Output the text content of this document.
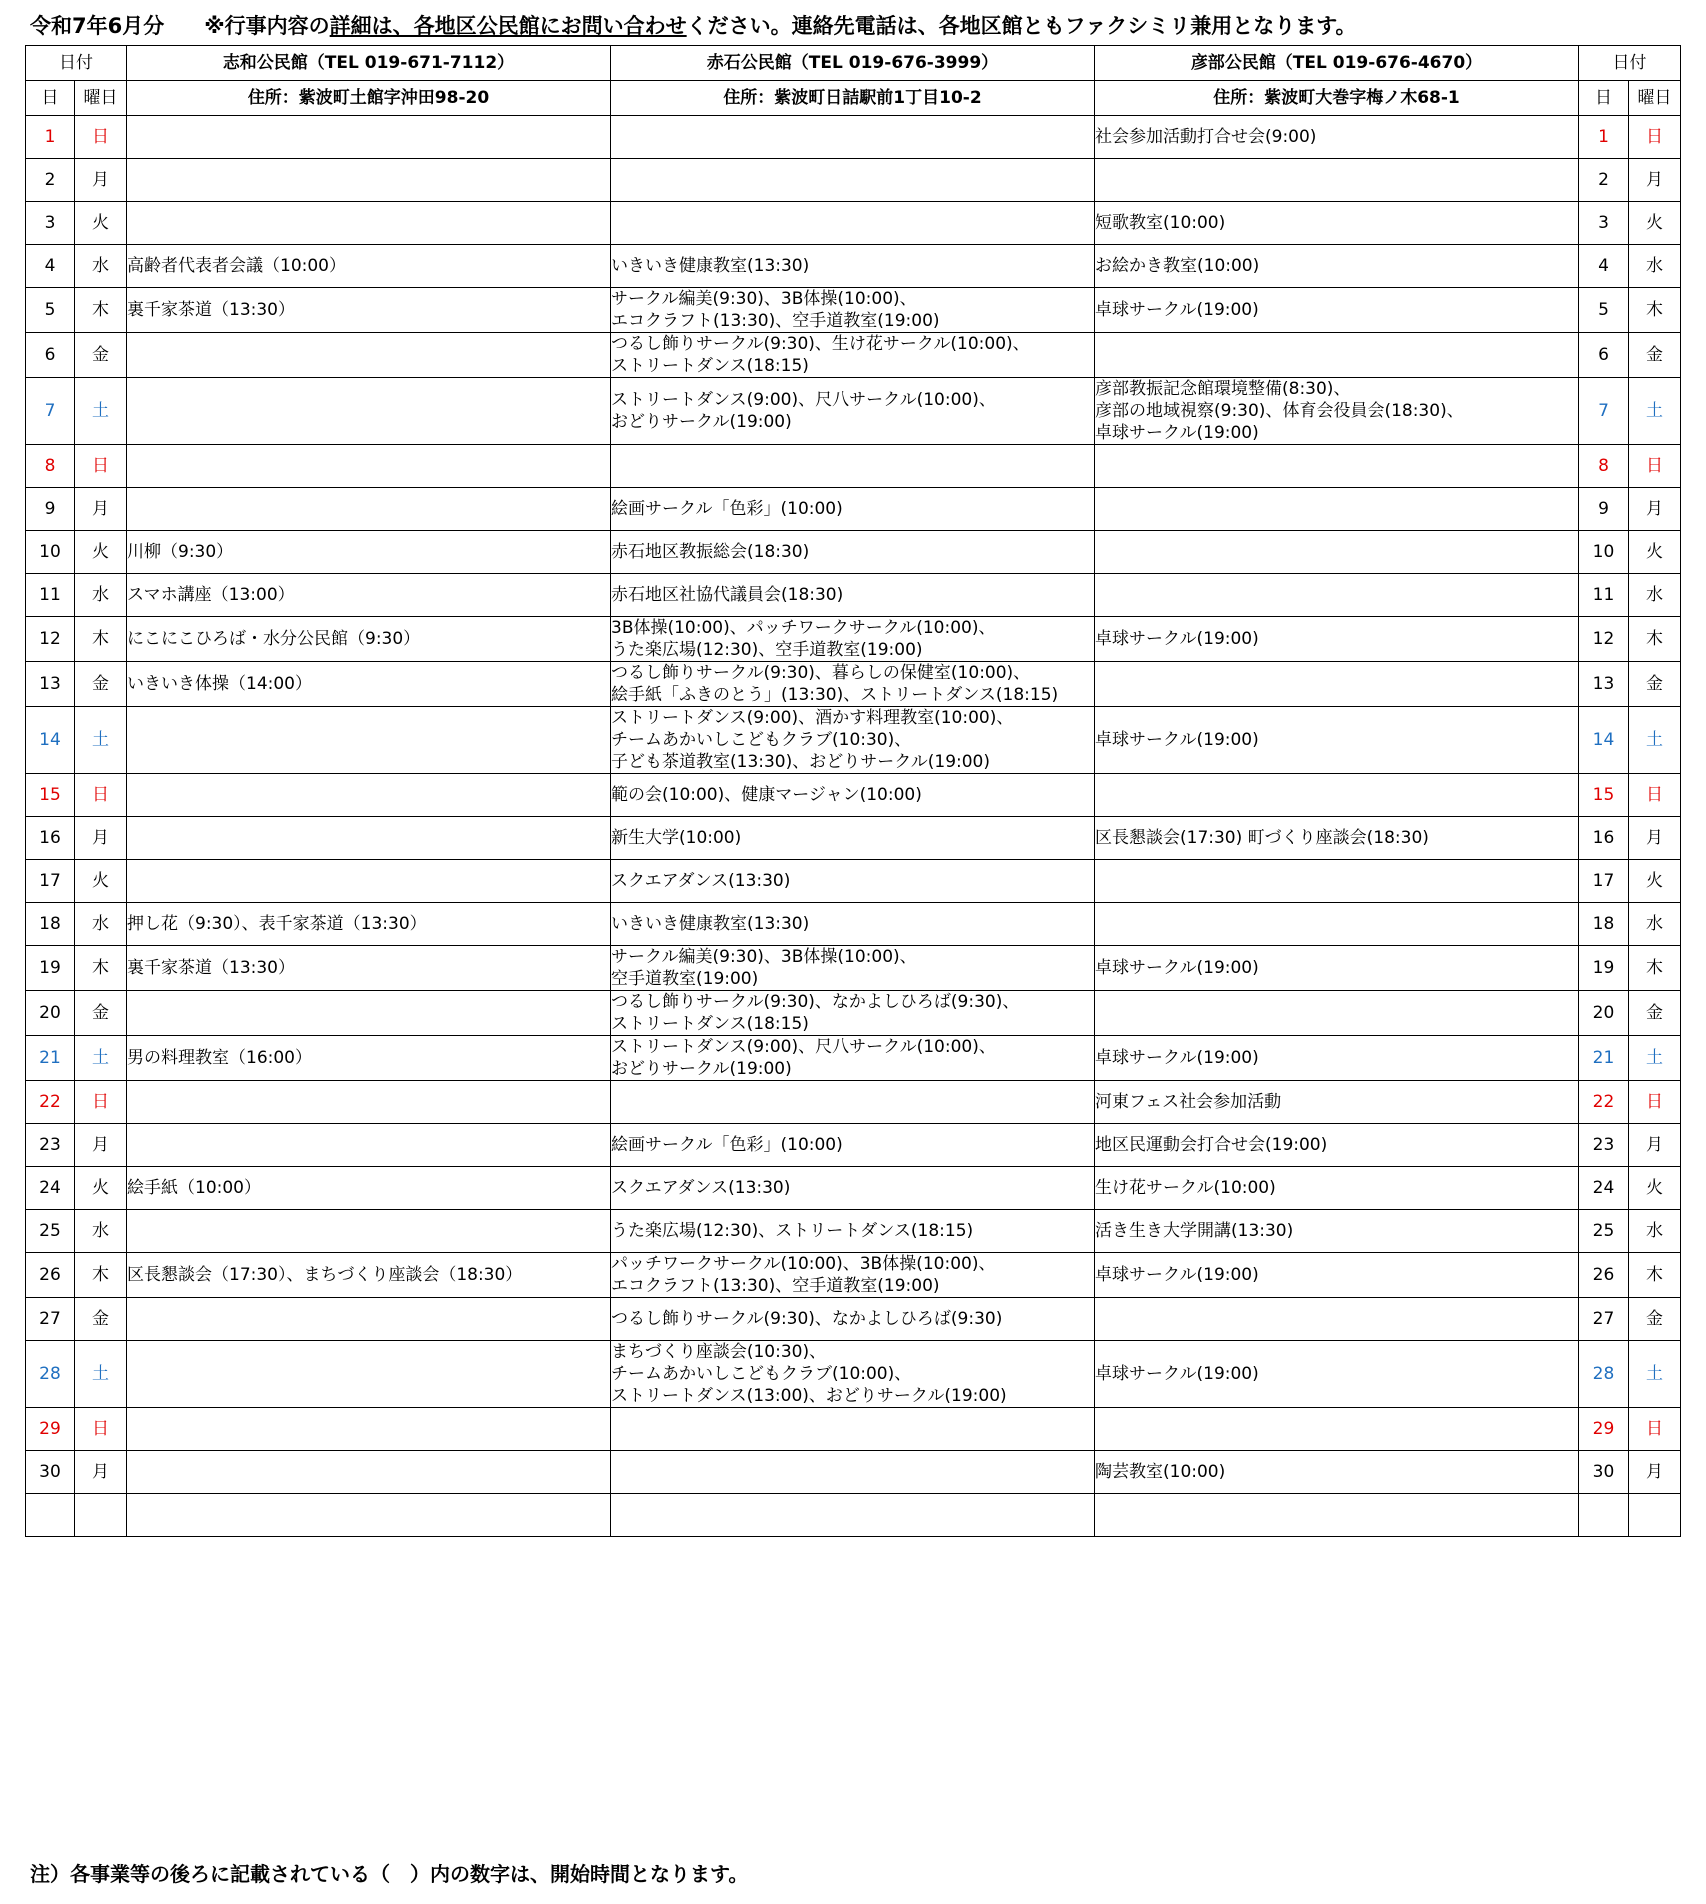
令和7年6月分 ※行事内容の詳細は、各地区公民館にお問い合わせください。連絡先電話は、各地区館ともファクシミリ兼用となります。
日付		志和公民館（TEL 019-671-7112）	赤石公民館（TEL 019-676-3999）	彦部公民館（TEL 019-676-4670）	日付	
日	曜日	住所：紫波町土館字沖田98-20	住所：紫波町日詰駅前1丁目10-2	住所：紫波町大巻字梅ノ木68-1	日	曜日
1	日			社会参加活動打合せ会(9:00)	1	日
2	月				2	月
3	火			短歌教室(10:00)	3	火
4	水	高齢者代表者会議（10:00）	いきいき健康教室(13:30)	お絵かき教室(10:00)	4	水
5	木	裏千家茶道（13:30）	サークル編美(9:30)、3B体操(10:00)、
エコクラフト(13:30)、空手道教室(19:00)	卓球サークル(19:00)	5	木
6	金		つるし飾りサークル(9:30)、生け花サークル(10:00)、
ストリートダンス(18:15)		6	金
7	土		ストリートダンス(9:00)、尺八サークル(10:00)、
おどりサークル(19:00)	彦部教振記念館環境整備(8:30)、
彦部の地域視察(9:30)、体育会役員会(18:30)、
卓球サークル(19:00)	7	土
8	日				8	日
9	月		絵画サークル「色彩」(10:00)		9	月
10	火	川柳（9:30）	赤石地区教振総会(18:30)		10	火
11	水	スマホ講座（13:00）	赤石地区社協代議員会(18:30)		11	水
12	木	にこにこひろば・水分公民館（9:30）	3B体操(10:00)、パッチワークサークル(10:00)、
うた楽広場(12:30)、空手道教室(19:00)	卓球サークル(19:00)	12	木
13	金	いきいき体操（14:00）	つるし飾りサークル(9:30)、暮らしの保健室(10:00)、
絵手紙「ふきのとう」(13:30)、ストリートダンス(18:15)		13	金
14	土		ストリートダンス(9:00)、酒かす料理教室(10:00)、
チームあかいしこどもクラブ(10:30)、
子ども茶道教室(13:30)、おどりサークル(19:00)	卓球サークル(19:00)	14	土
15	日		範の会(10:00)、健康マージャン(10:00)		15	日
16	月		新生大学(10:00)	区長懇談会(17:30) 町づくり座談会(18:30)	16	月
17	火		スクエアダンス(13:30)		17	火
18	水	押し花（9:30）、表千家茶道（13:30）	いきいき健康教室(13:30)		18	水
19	木	裏千家茶道（13:30）	サークル編美(9:30)、3B体操(10:00)、
空手道教室(19:00)	卓球サークル(19:00)	19	木
20	金		つるし飾りサークル(9:30)、なかよしひろば(9:30)、
ストリートダンス(18:15)		20	金
21	土	男の料理教室（16:00）	ストリートダンス(9:00)、尺八サークル(10:00)、
おどりサークル(19:00)	卓球サークル(19:00)	21	土
22	日			河東フェス社会参加活動	22	日
23	月		絵画サークル「色彩」(10:00)	地区民運動会打合せ会(19:00)	23	月
24	火	絵手紙（10:00）	スクエアダンス(13:30)	生け花サークル(10:00)	24	火
25	水		うた楽広場(12:30)、ストリートダンス(18:15)	活き生き大学開講(13:30)	25	水
26	木	区長懇談会（17:30）、まちづくり座談会（18:30）	パッチワークサークル(10:00)、3B体操(10:00)、
エコクラフト(13:30)、空手道教室(19:00)	卓球サークル(19:00)	26	木
27	金		つるし飾りサークル(9:30)、なかよしひろば(9:30)		27	金
28	土		まちづくり座談会(10:30)、
チームあかいしこどもクラブ(10:00)、
ストリートダンス(13:00)、おどりサークル(19:00)	卓球サークル(19:00)	28	土
29	日				29	日
30	月			陶芸教室(10:00)	30	月

注）各事業等の後ろに記載されている（　）内の数字は、開始時間となります。
